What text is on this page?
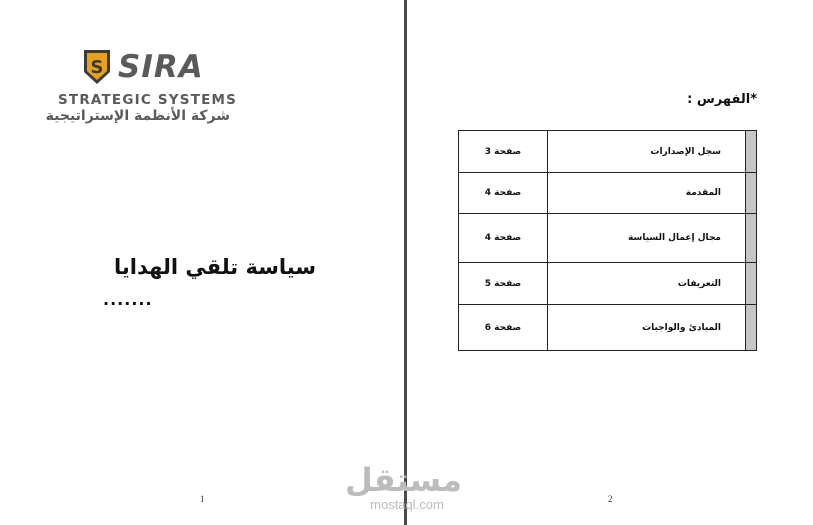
S SIRA
STRATEGIC SYSTEMS
شركة الأنظمة الإستراتيجية
سياسة تلقي الهدايا
.......
1
*الفهرس :
صفحة 3	سجل الإصدارات
صفحة 4	المقدمة
صفحة 4	مجال إعمال السياسة
صفحة 5	التعريفات
صفحة 6	المبادئ والواجبات
2
مستقل
mostaql.com
